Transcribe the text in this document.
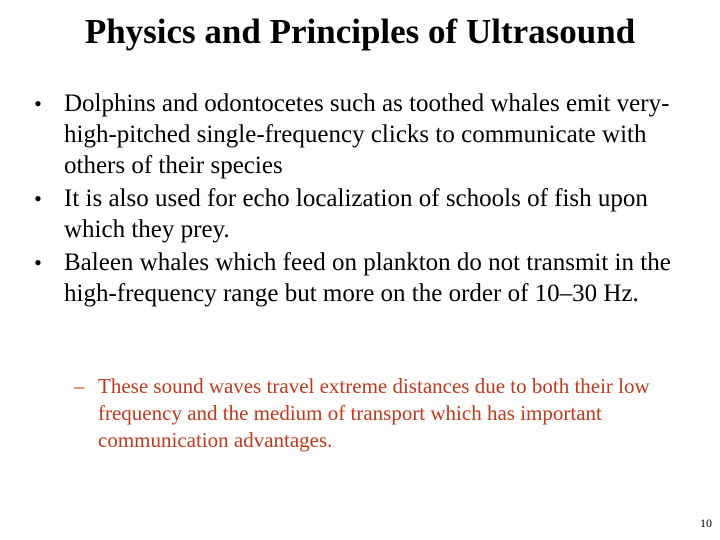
Physics and Principles of Ultrasound
• Dolphins and odontocetes such as toothed whales emit very-high-pitched single-frequency clicks to communicate with others of their species
• It is also used for echo localization of schools of fish upon which they prey.
• Baleen whales which feed on plankton do not transmit in the high-frequency range but more on the order of 10–30 Hz.
– These sound waves travel extreme distances due to both their low frequency and the medium of transport which has important communication advantages.
10
